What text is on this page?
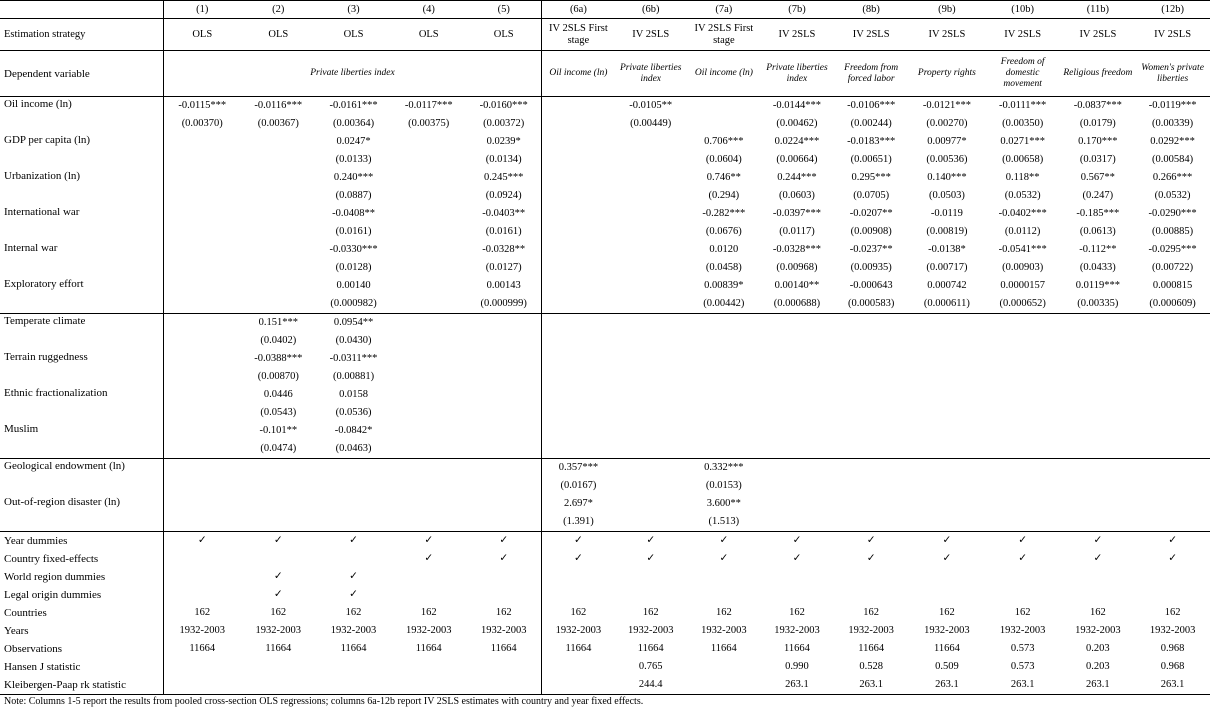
	(1)	(2)	(3)	(4)	(5)	(6a)	(6b)	(7a)	(7b)	(8b)	(9b)	(10b)	(11b)	(12b)
Estimation strategy	OLS	OLS	OLS	OLS	OLS	IV 2SLS First stage	IV 2SLS	IV 2SLS First stage	IV 2SLS	IV 2SLS	IV 2SLS	IV 2SLS	IV 2SLS	IV 2SLS
Dependent variable	Private liberties index					Oil income (ln)	Private liberties index	Oil income (ln)	Private liberties index	Freedom from forced labor	Property rights	Freedom of domestic movement	Religious freedom	Women's private liberties
Oil income (ln)	-0.0115***	-0.0116***	-0.0161***	-0.0117***	-0.0160***		-0.0105**		-0.0144***	-0.0106***	-0.0121***	-0.0111***	-0.0837***	-0.0119***
	(0.00370)	(0.00367)	(0.00364)	(0.00375)	(0.00372)		(0.00449)		(0.00462)	(0.00244)	(0.00270)	(0.00350)	(0.0179)	(0.00339)
GDP per capita (ln)			0.0247*		0.0239*			0.706***	0.0224***	-0.0183***	0.00977*	0.0271***	0.170***	0.0292***
			(0.0133)		(0.0134)			(0.0604)	(0.00664)	(0.00651)	(0.00536)	(0.00658)	(0.0317)	(0.00584)
Urbanization (ln)			0.240***		0.245***			0.746**	0.244***	0.295***	0.140***	0.118**	0.567**	0.266***
			(0.0887)		(0.0924)			(0.294)	(0.0603)	(0.0705)	(0.0503)	(0.0532)	(0.247)	(0.0532)
International war			-0.0408**		-0.0403**			-0.282***	-0.0397***	-0.0207**	-0.0119	-0.0402***	-0.185***	-0.0290***
			(0.0161)		(0.0161)			(0.0676)	(0.0117)	(0.00908)	(0.00819)	(0.0112)	(0.0613)	(0.00885)
Internal war			-0.0330***		-0.0328**			0.0120	-0.0328***	-0.0237**	-0.0138*	-0.0541***	-0.112**	-0.0295***
			(0.0128)		(0.0127)			(0.0458)	(0.00968)	(0.00935)	(0.00717)	(0.00903)	(0.0433)	(0.00722)
Exploratory effort			0.00140		0.00143			0.00839*	0.00140**	-0.000643	0.000742	0.0000157	0.0119***	0.000815
			(0.000982)		(0.000999)			(0.00442)	(0.000688)	(0.000583)	(0.000611)	(0.000652)	(0.00335)	(0.000609)
Temperate climate		0.151***	0.0954**											
		(0.0402)	(0.0430)											
Terrain ruggedness		-0.0388***	-0.0311***											
		(0.00870)	(0.00881)											
Ethnic fractionalization		0.0446	0.0158											
		(0.0543)	(0.0536)											
Muslim		-0.101**	-0.0842*											
		(0.0474)	(0.0463)											
Geological endowment (ln)						0.357***		0.332***						
						(0.0167)		(0.0153)						
Out-of-region disaster (ln)						2.697*		3.600**						
						(1.391)		(1.513)						
Year dummies	✓	✓	✓	✓	✓	✓	✓	✓	✓	✓	✓	✓	✓	✓
Country fixed-effects				✓	✓	✓	✓	✓	✓	✓	✓	✓	✓	✓
World region dummies		✓	✓											
Legal origin dummies		✓	✓											
Countries	162	162	162	162	162	162	162	162	162	162	162	162	162	162
Years	1932-2003	1932-2003	1932-2003	1932-2003	1932-2003	1932-2003	1932-2003	1932-2003	1932-2003	1932-2003	1932-2003	1932-2003	1932-2003	1932-2003
Observations	11664	11664	11664	11664	11664	11664	11664	11664	11664	11664	11664	0.573	0.203	0.968
Hansen J statistic							0.765		0.990	0.528	0.509	0.573	0.203	0.968
Kleibergen-Paap rk statistic							244.4		263.1	263.1	263.1	263.1	263.1	263.1
Note: Columns 1-5 report the results from pooled cross-section OLS regressions; columns 6a-12b report IV 2SLS estimates with country and year fixed effects.														
